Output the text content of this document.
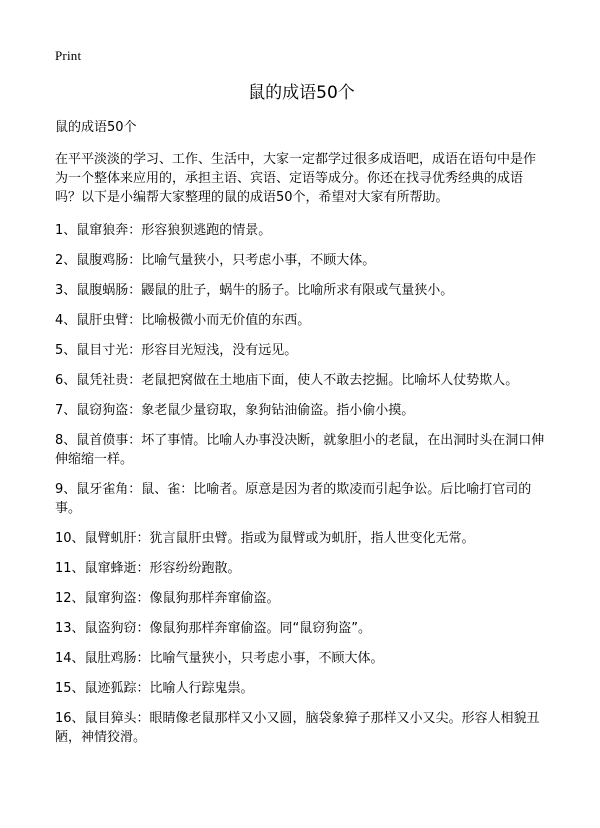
Print
鼠的成语50个

鼠的成语50个

在平平淡淡的学习、工作、生活中，大家一定都学过很多成语吧，成语在语句中是作为一个整体来应用的，承担主语、宾语、定语等成分。你还在找寻优秀经典的成语吗？以下是小编帮大家整理的鼠的成语50个，希望对大家有所帮助。

1、鼠窜狼奔：形容狼狈逃跑的情景。
2、鼠腹鸡肠：比喻气量狭小，只考虑小事，不顾大体。
3、鼠腹蜗肠：鼹鼠的肚子，蜗牛的肠子。比喻所求有限或气量狭小。
4、鼠肝虫臂：比喻极微小而无价值的东西。
5、鼠目寸光：形容目光短浅，没有远见。
6、鼠凭社贵：老鼠把窝做在土地庙下面，使人不敢去挖掘。比喻坏人仗势欺人。
7、鼠窃狗盗：象老鼠少量窃取，象狗钻油偷盗。指小偷小摸。
8、鼠首偾事：坏了事情。比喻人办事没决断，就象胆小的老鼠，在出洞时头在洞口伸伸缩缩一样。
9、鼠牙雀角：鼠、雀：比喻者。原意是因为者的欺凌而引起争讼。后比喻打官司的事。
10、鼠臂虮肝：犹言鼠肝虫臂。指或为鼠臂或为虮肝，指人世变化无常。
11、鼠窜蜂逝：形容纷纷跑散。
12、鼠窜狗盗：像鼠狗那样奔窜偷盗。
13、鼠盗狗窃：像鼠狗那样奔窜偷盗。同“鼠窃狗盗”。
14、鼠肚鸡肠：比喻气量狭小，只考虑小事，不顾大体。
15、鼠迹狐踪：比喻人行踪鬼祟。
16、鼠目獐头：眼睛像老鼠那样又小又圆，脑袋象獐子那样又小又尖。形容人相貌丑陋，神情狡滑。
